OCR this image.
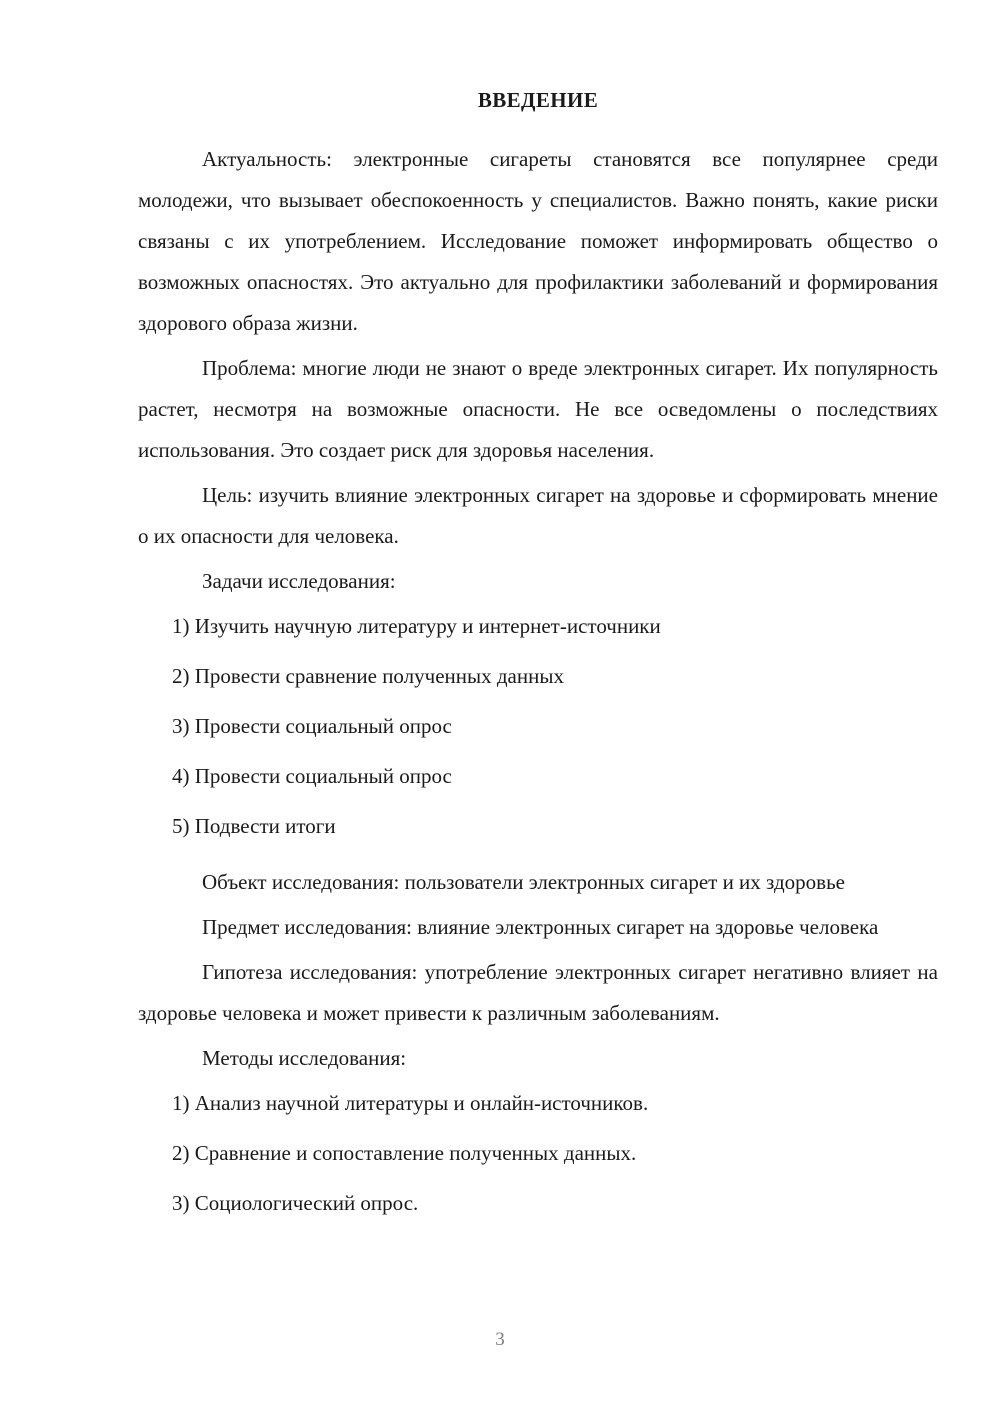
ВВЕДЕНИЕ

Актуальность: электронные сигареты становятся все популярнее среди молодежи, что вызывает обеспокоенность у специалистов. Важно понять, какие риски связаны с их употреблением. Исследование поможет информировать общество о возможных опасностях. Это актуально для профилактики заболеваний и формирования здорового образа жизни.

Проблема: многие люди не знают о вреде электронных сигарет. Их популярность растет, несмотря на возможные опасности. Не все осведомлены о последствиях использования. Это создает риск для здоровья населения.

Цель: изучить влияние электронных сигарет на здоровье и сформировать мнение о их опасности для человека.

Задачи исследования:

1) Изучить научную литературу и интернет-источники
2) Провести сравнение полученных данных
3) Провести социальный опрос
4) Провести социальный опрос
5) Подвести итоги

Объект исследования: пользователи электронных сигарет и их здоровье

Предмет исследования: влияние электронных сигарет на здоровье человека

Гипотеза исследования: употребление электронных сигарет негативно влияет на здоровье человека и может привести к различным заболеваниям.

Методы исследования:

1) Анализ научной литературы и онлайн-источников.
2) Сравнение и сопоставление полученных данных.
3) Социологический опрос.
3
